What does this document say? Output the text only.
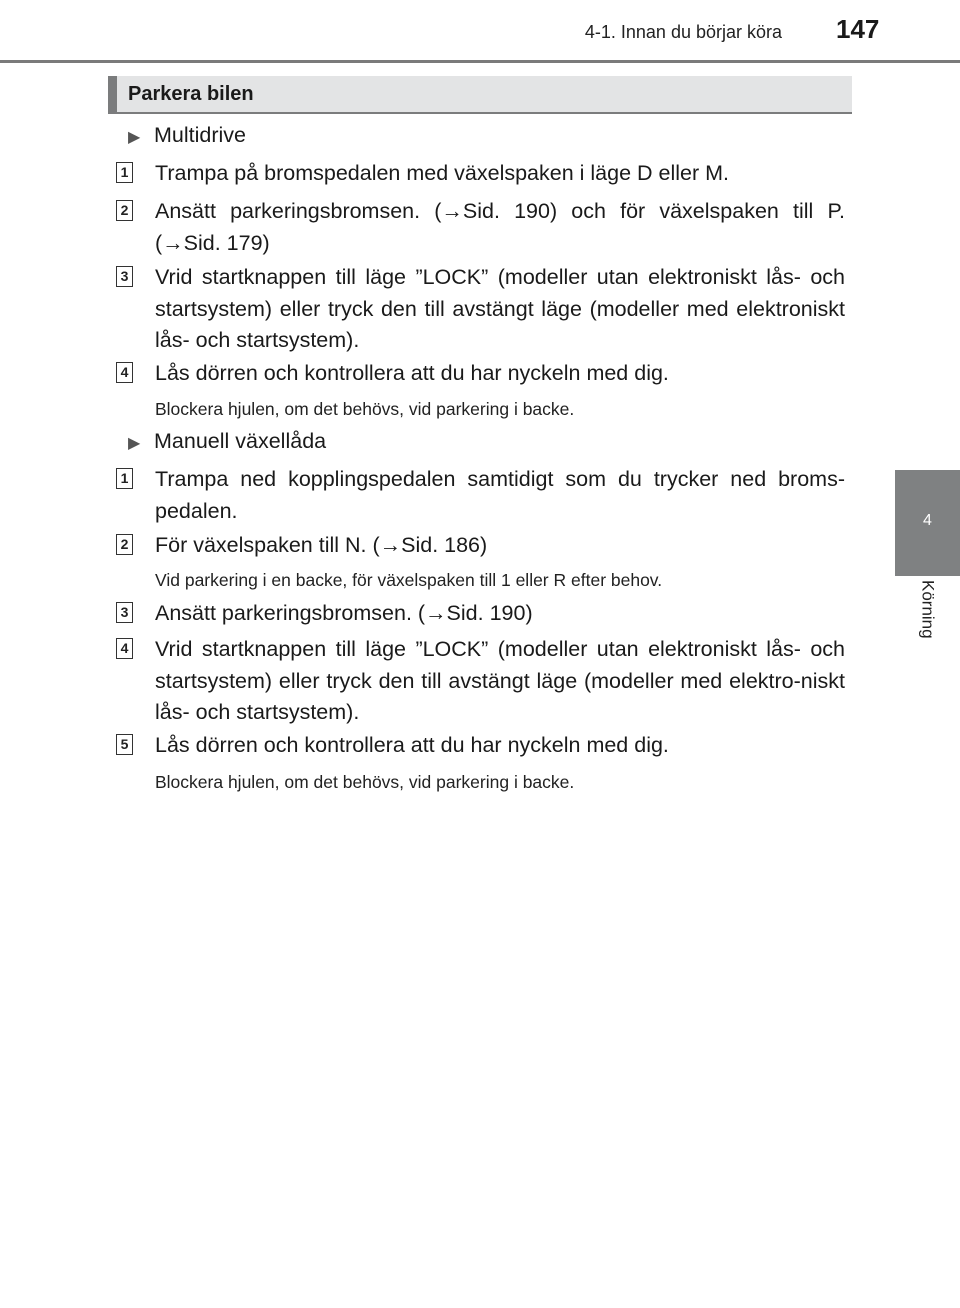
4-1. Innan du börjar köra 147
4
Körning
Parkera bilen
▶ Multidrive
1 Trampa på bromspedalen med växelspaken i läge D eller M.
2 Ansätt parkeringsbromsen. (→Sid. 190) och för växelspaken till P. (→Sid. 179)
3 Vrid startknappen till läge ”LOCK” (modeller utan elektroniskt lås- och startsystem) eller tryck den till avstängt läge (modeller med elektroniskt lås- och startsystem).
4 Lås dörren och kontrollera att du har nyckeln med dig.
Blockera hjulen, om det behövs, vid parkering i backe.
▶ Manuell växellåda
1 Trampa ned kopplingspedalen samtidigt som du trycker ned broms-pedalen.
2 För växelspaken till N. (→Sid. 186)
Vid parkering i en backe, för växelspaken till 1 eller R efter behov.
3 Ansätt parkeringsbromsen. (→Sid. 190)
4 Vrid startknappen till läge ”LOCK” (modeller utan elektroniskt lås- och startsystem) eller tryck den till avstängt läge (modeller med elektro-niskt lås- och startsystem).
5 Lås dörren och kontrollera att du har nyckeln med dig.
Blockera hjulen, om det behövs, vid parkering i backe.
